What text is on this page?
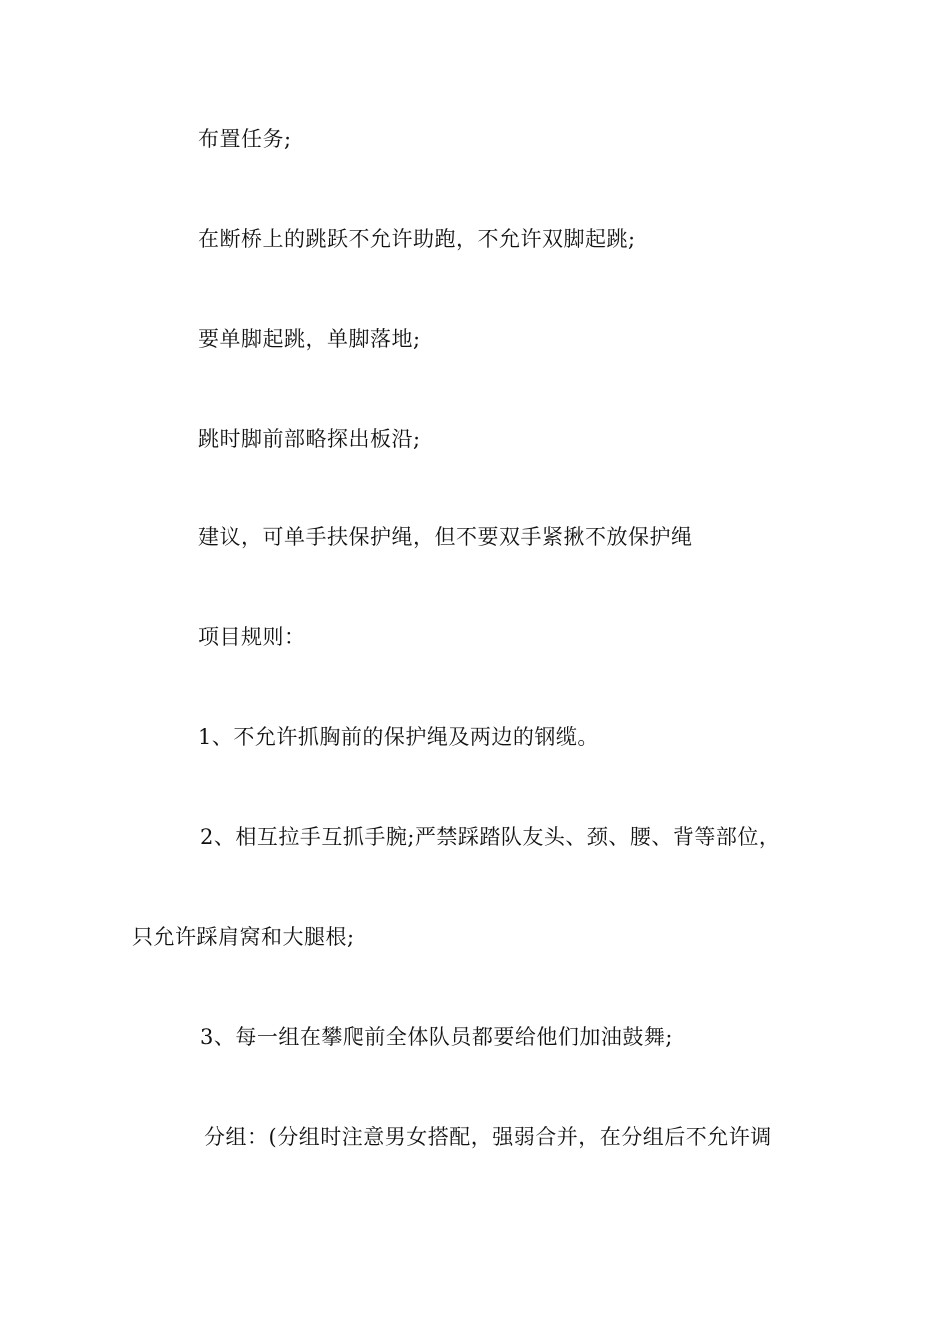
布置任务;

在断桥上的跳跃不允许助跑，不允许双脚起跳;

要单脚起跳，单脚落地;

跳时脚前部略探出板沿;

建议，可单手扶保护绳，但不要双手紧揪不放保护绳

项目规则：

1、不允许抓胸前的保护绳及两边的钢缆。

2、相互拉手互抓手腕;严禁踩踏队友头、颈、腰、背等部位，

只允许踩肩窝和大腿根;

3、每一组在攀爬前全体队员都要给他们加油鼓舞;

分组：(分组时注意男女搭配，强弱合并，在分组后不允许调
